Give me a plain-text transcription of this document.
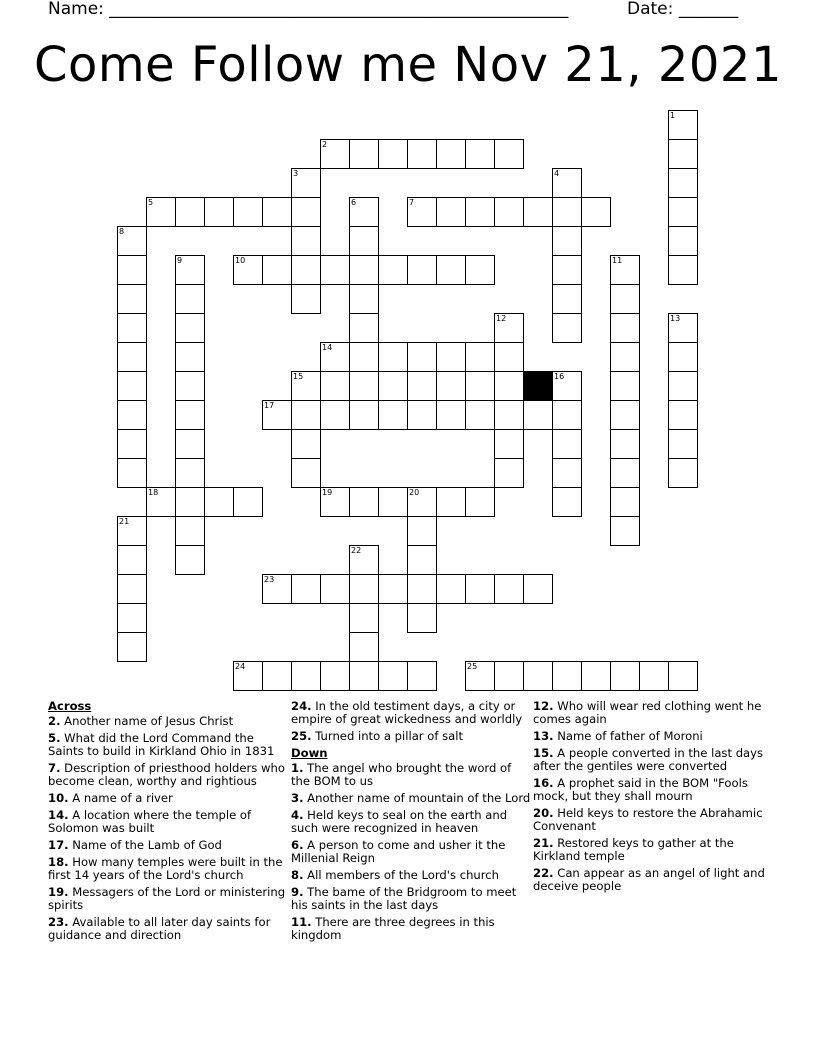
Name: ______________________________________________________	Date: _______
Come Follow me Nov 21, 2021
2
5	7
10
14
15
17
18	19	20
23
24	25
1
3	4
6
8
9	11
12	13
16
21
22
Across
2. Another name of Jesus Christ
5. What did the Lord Command the Saints to build in Kirkland Ohio in 1831
7. Description of priesthood holders who become clean, worthy and rightious
10. A name of a river
14. A location where the temple of Solomon was built
17. Name of the Lamb of God
18. How many temples were built in the first 14 years of the Lord's church
19. Messagers of the Lord or ministering spirits
23. Available to all later day saints for guidance and direction
24. In the old testiment days, a city or empire of great wickedness and worldly
25. Turned into a pillar of salt
Down
1. The angel who brought the word of the BOM to us
3. Another name of mountain of the Lord
4. Held keys to seal on the earth and such were recognized in heaven
6. A person to come and usher it the Millenial Reign
8. All members of the Lord's church
9. The bame of the Bridgroom to meet his saints in the last days
11. There are three degrees in this kingdom
12. Who will wear red clothing went he comes again
13. Name of father of Moroni
15. A people converted in the last days after the gentiles were converted
16. A prophet said in the BOM "Fools mock, but they shall mourn
20. Held keys to restore the Abrahamic Convenant
21. Restored keys to gather at the Kirkland temple
22. Can appear as an angel of light and deceive people
